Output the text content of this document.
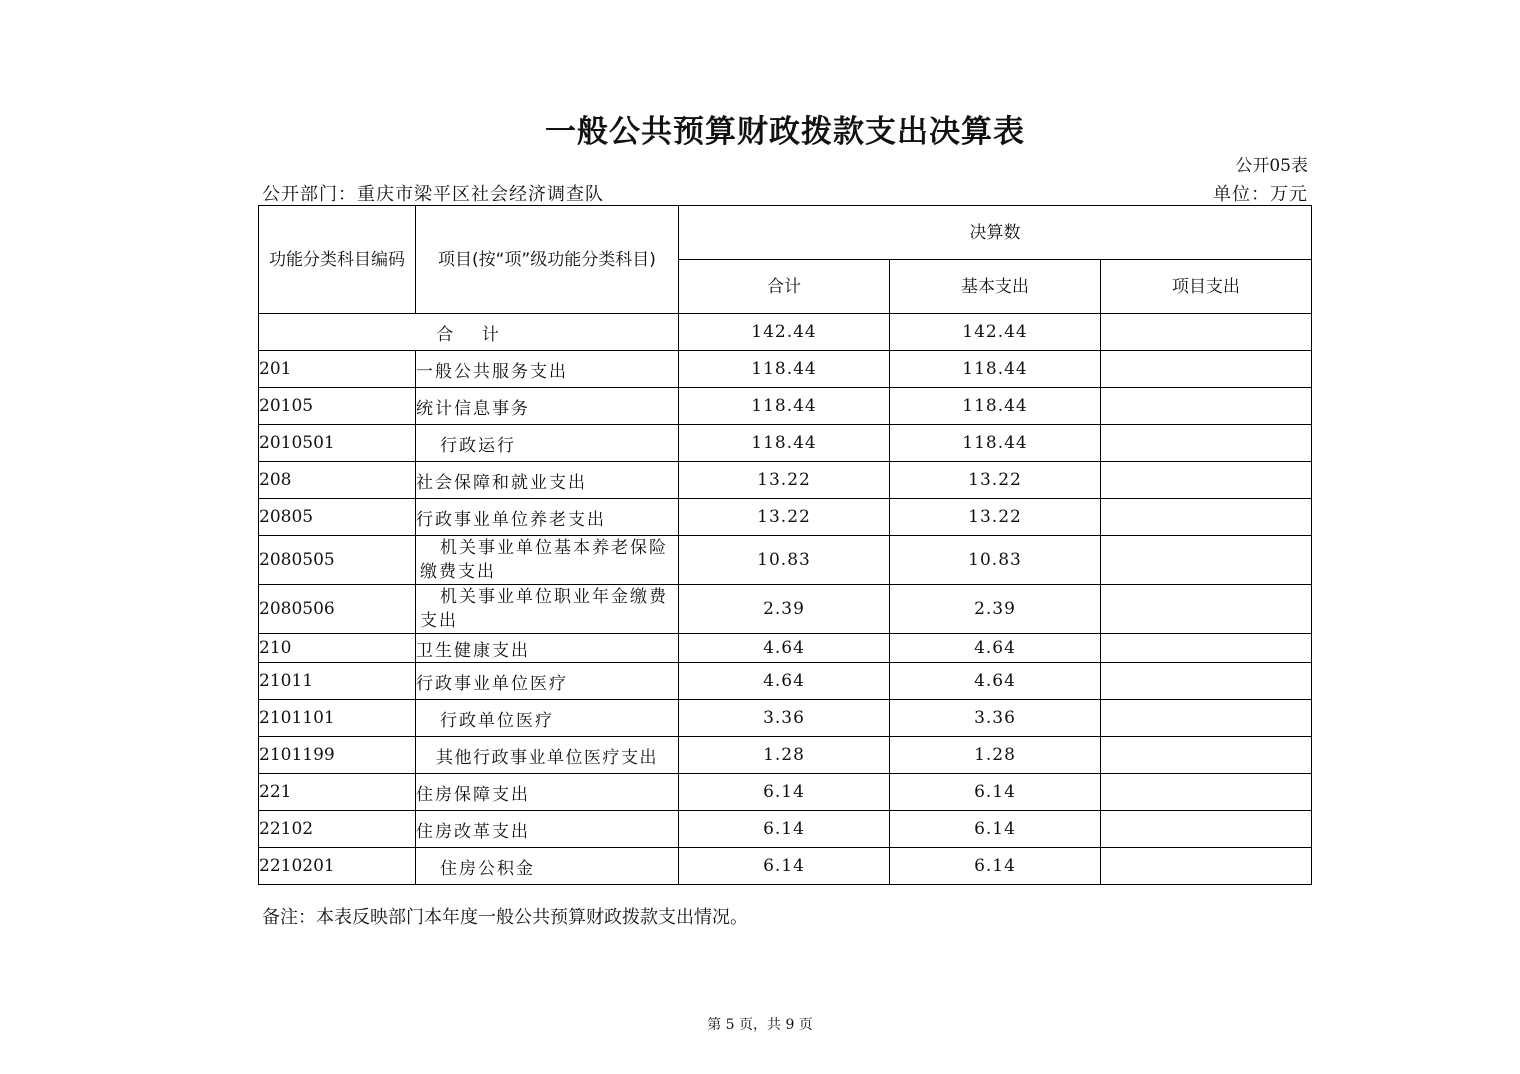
一般公共预算财政拨款支出决算表
公开05表
公开部门：重庆市梁平区社会经济调查队	单位：万元
功能分类科目编码	项目(按“项”级功能分类科目)	决算数		
		合计	基本支出	项目支出
合　 计		142.44	142.44	
201	一般公共服务支出	118.44	118.44	
20105	统计信息事务	118.44	118.44	
2010501	行政运行	118.44	118.44	
208	社会保障和就业支出	13.22	13.22	
20805	行政事业单位养老支出	13.22	13.22	
2080505	机关事业单位基本养老保险缴费支出	10.83	10.83	
2080506	机关事业单位职业年金缴费支出	2.39	2.39	
210	卫生健康支出	4.64	4.64	
21011	行政事业单位医疗	4.64	4.64	
2101101	行政单位医疗	3.36	3.36	
2101199	其他行政事业单位医疗支出	1.28	1.28	
221	住房保障支出	6.14	6.14	
22102	住房改革支出	6.14	6.14	
2210201	住房公积金	6.14	6.14	
备注：本表反映部门本年度一般公共预算财政拨款支出情况。
第 5 页，共 9 页
